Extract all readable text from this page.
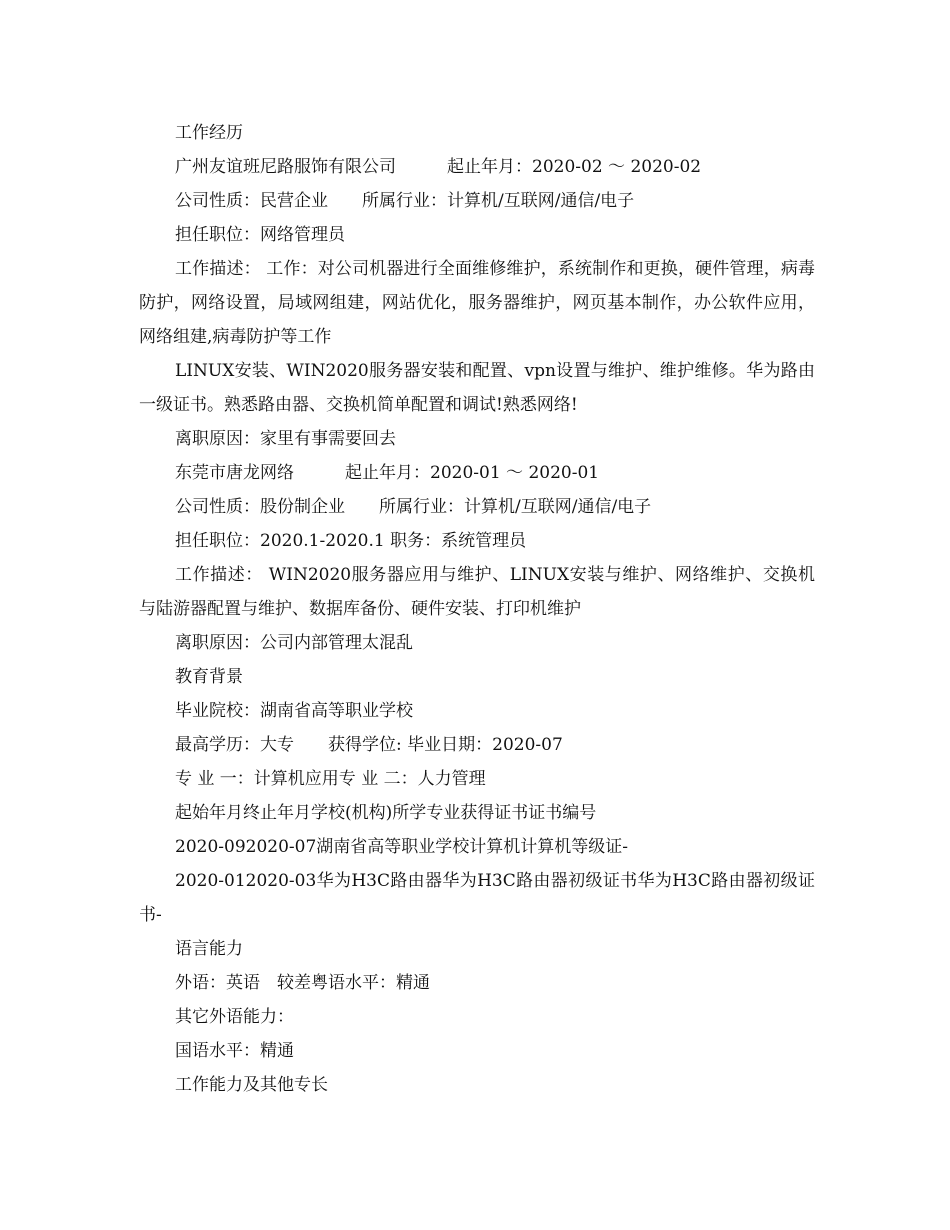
工作经历

广州友谊班尼路服饰有限公司　　　起止年月：2020-02 ～ 2020-02

公司性质：民营企业　　所属行业：计算机/互联网/通信/电子

担任职位：网络管理员

工作描述： 工作：对公司机器进行全面维修维护，系统制作和更换，硬件管理，病毒防护，网络设置，局域网组建，网站优化，服务器维护，网页基本制作，办公软件应用，网络组建,病毒防护等工作

LINUX安装、WIN2020服务器安装和配置、vpn设置与维护、维护维修。华为路由一级证书。熟悉路由器、交换机简单配置和调试!熟悉网络!

离职原因：家里有事需要回去

东莞市唐龙网络　　　起止年月：2020-01 ～ 2020-01

公司性质：股份制企业　　所属行业：计算机/互联网/通信/电子

担任职位：2020.1-2020.1 职务：系统管理员

工作描述： WIN2020服务器应用与维护、LINUX安装与维护、网络维护、交换机与陆游器配置与维护、数据库备份、硬件安装、打印机维护

离职原因：公司内部管理太混乱

教育背景

毕业院校：湖南省高等职业学校

最高学历：大专　　获得学位: 毕业日期：2020-07

专 业 一：计算机应用专 业 二：人力管理

起始年月终止年月学校(机构)所学专业获得证书证书编号

2020-092020-07湖南省高等职业学校计算机计算机等级证-

2020-012020-03华为H3C路由器华为H3C路由器初级证书华为H3C路由器初级证书-

语言能力

外语：英语　较差粤语水平：精通

其它外语能力：

国语水平：精通

工作能力及其他专长
